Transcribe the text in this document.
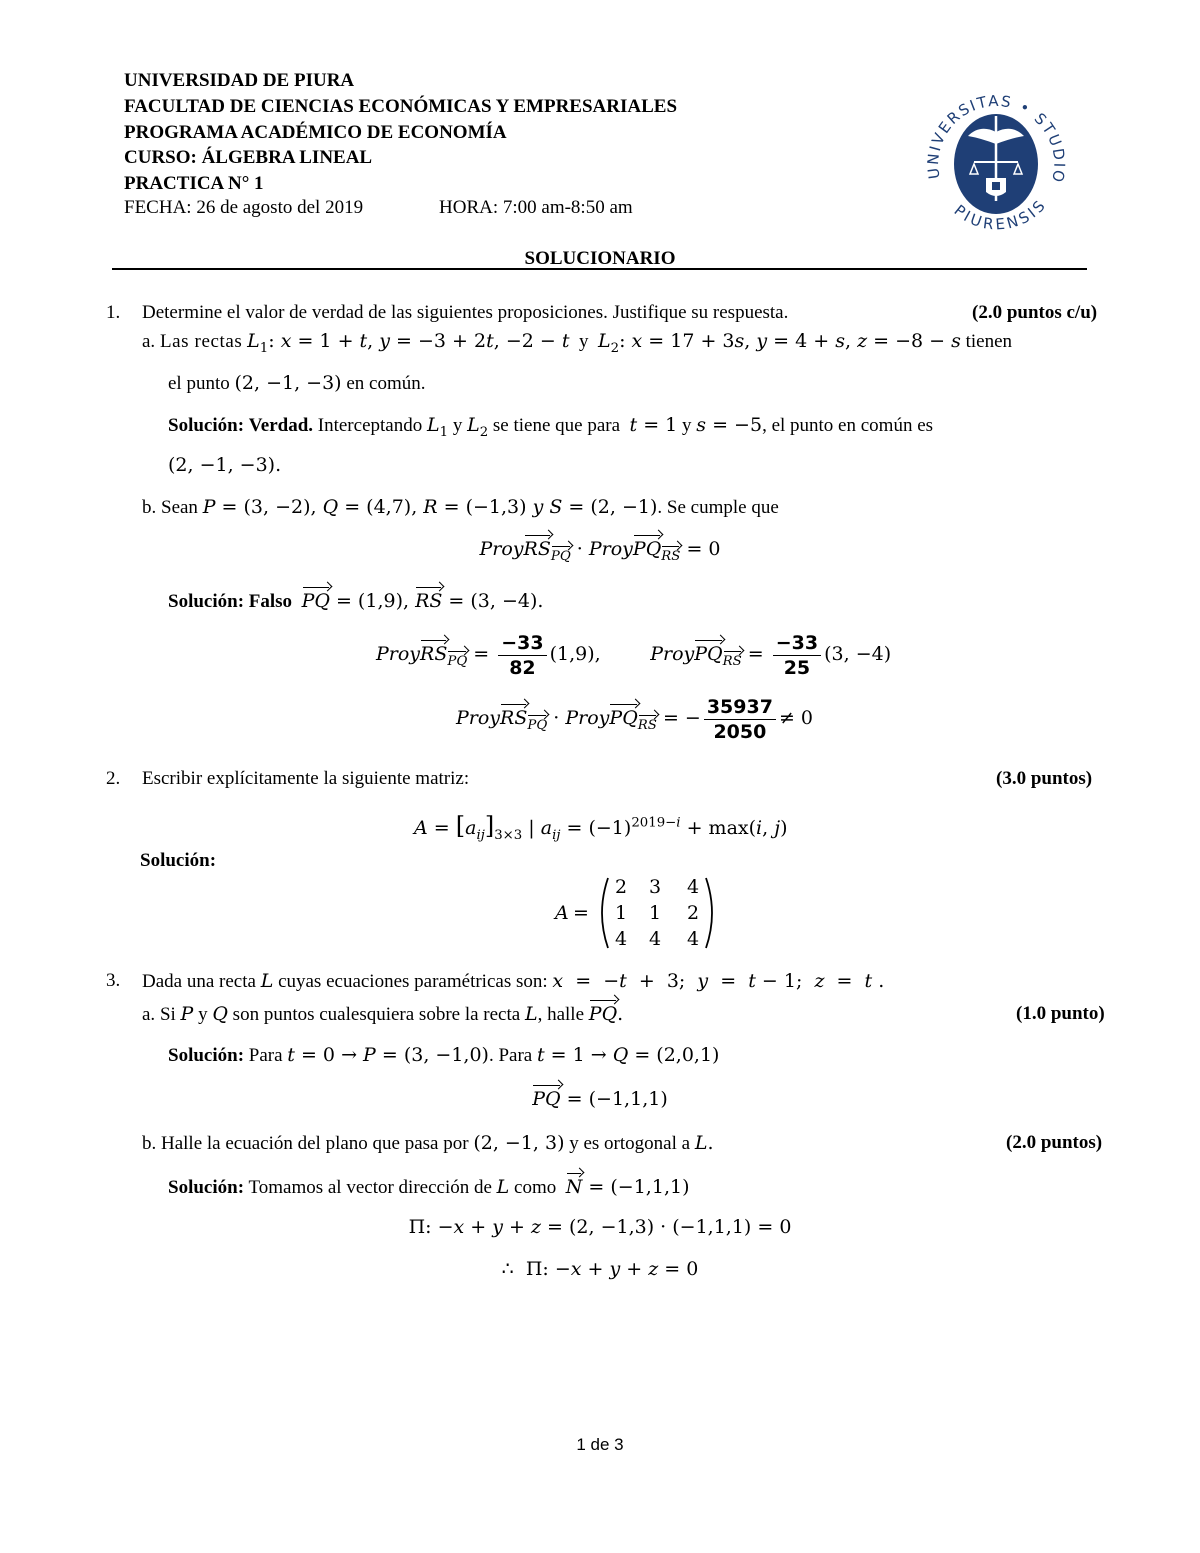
UNIVERSIDAD DE PIURA
FACULTAD DE CIENCIAS ECONÓMICAS Y EMPRESARIALES
PROGRAMA ACADÉMICO DE ECONOMÍA
CURSO: ÁLGEBRA LINEAL
PRACTICA N° 1
FECHA: 26 de agosto del 2019	HORA: 7:00 am-8:50 am
UNIVERSITAS • STUDIO
PIURENSIS
SOLUCIONARIO
1. Determine el valor de verdad de las siguientes proposiciones. Justifique su respuesta.	(2.0 puntos c/u)
a. Las rectas $L_1$: x = 1 + t, y = −3 + 2t, −2 − t y $L_2$: x = 17 + 3s, y = 4 + s, z = −8 − s tienen
el punto (2, −1, −3) en común.
Solución: Verdad. Interceptando $L_1$ y $L_2$ se tiene que para t = 1 y s = −5, el punto en común es
(2, −1, −3).
b. Sean P = (3, −2), Q = (4,7), R = (−1,3) y S = (2, −1). Se cumple que
ProyRS$_{PQ}$ · ProyPQ$_{RS}$ = 0
Solución: Falso PQ = (1,9), RS = (3, −4).
ProyRS$_{PQ}$ = $\frac{-33}{82} (1,9)$,	ProyPQ$_{RS}$ = $\frac{-33}{25} (3$, −4)
ProyRS$_{PQ}$ · ProyPQ$_{RS}$ = − $\frac{35937}{2050} \ne 0$
2. Escribir explícitamente la siguiente matriz:	(3.0 puntos)
$A = [a_{ij}]_{3\times 3}$ | $a_{ij} = (-1)^{2019-i} + \max(i$, j)
Solución:
A =
2 3 4
1 1 2
4 4 4
3. Dada una recta L cuyas ecuaciones paramétricas son: x  =  −t  +  3;  y  =  t − 1;  z  =  t .
a. Si P y Q son puntos cualesquiera sobre la recta L, halle PQ.	(1.0 punto)
Solución: Para t = 0 → P = (3, −1,0). Para t = 1 → Q = (2,0,1)
PQ = (−1,1,1)
b. Halle la ecuación del plano que pasa por (2, −1, 3) y es ortogonal a L.	(2.0 puntos)
Solución: Tomamos al vector dirección de L como N = (−1,1,1)
Π: −x + y + z = (2, −1,3) · (−1,1,1) = 0
∴  Π: −x + y + z = 0
1 de 3
